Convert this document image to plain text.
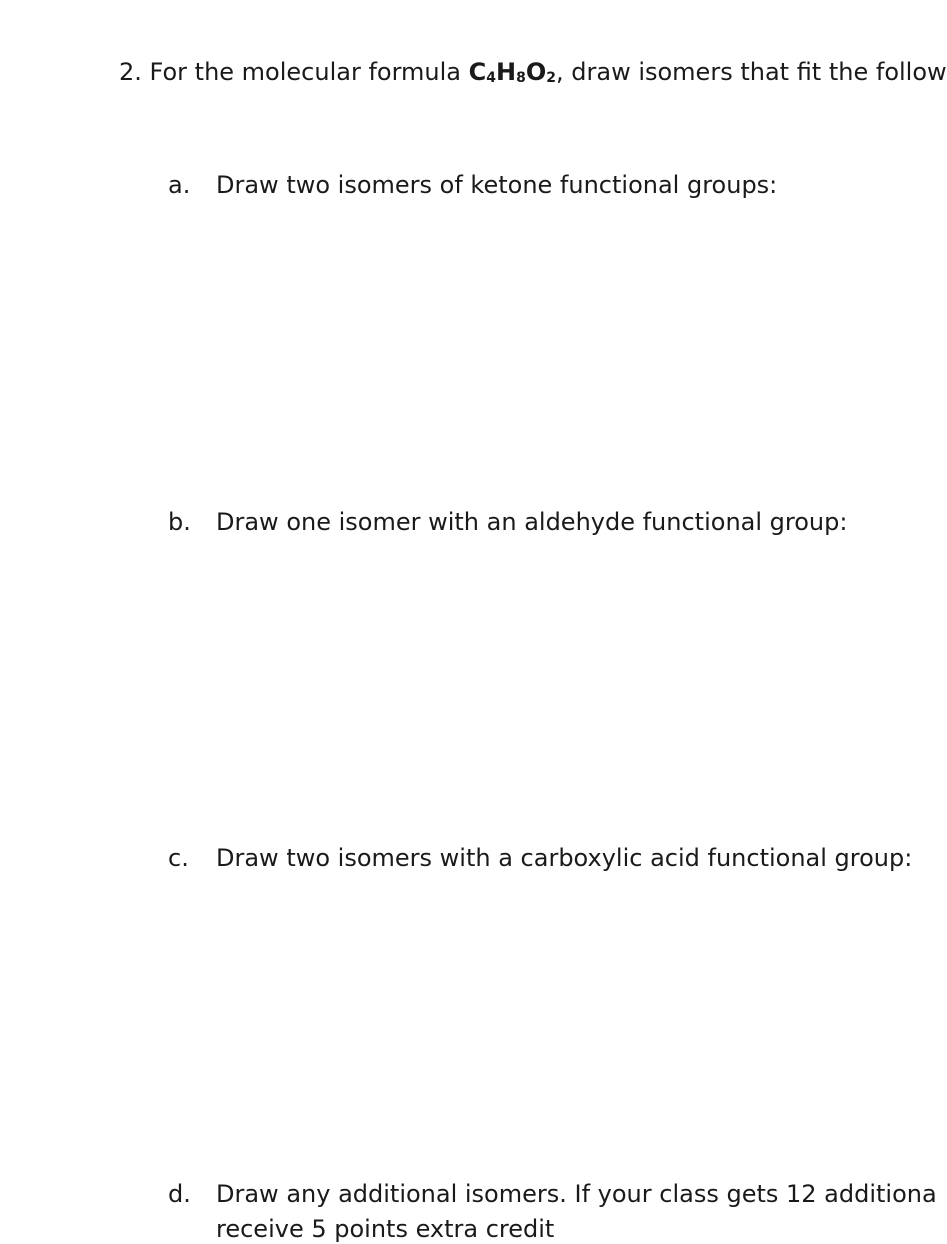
2. For the molecular formula $C_4H_8O_2$, draw isomers that fit the follow
a. Draw two isomers of ketone functional groups:
b. Draw one isomer with an aldehyde functional group:
c. Draw two isomers with a carboxylic acid functional group:
d. Draw any additional isomers. If your class gets 12 additiona
receive 5 points extra credit
